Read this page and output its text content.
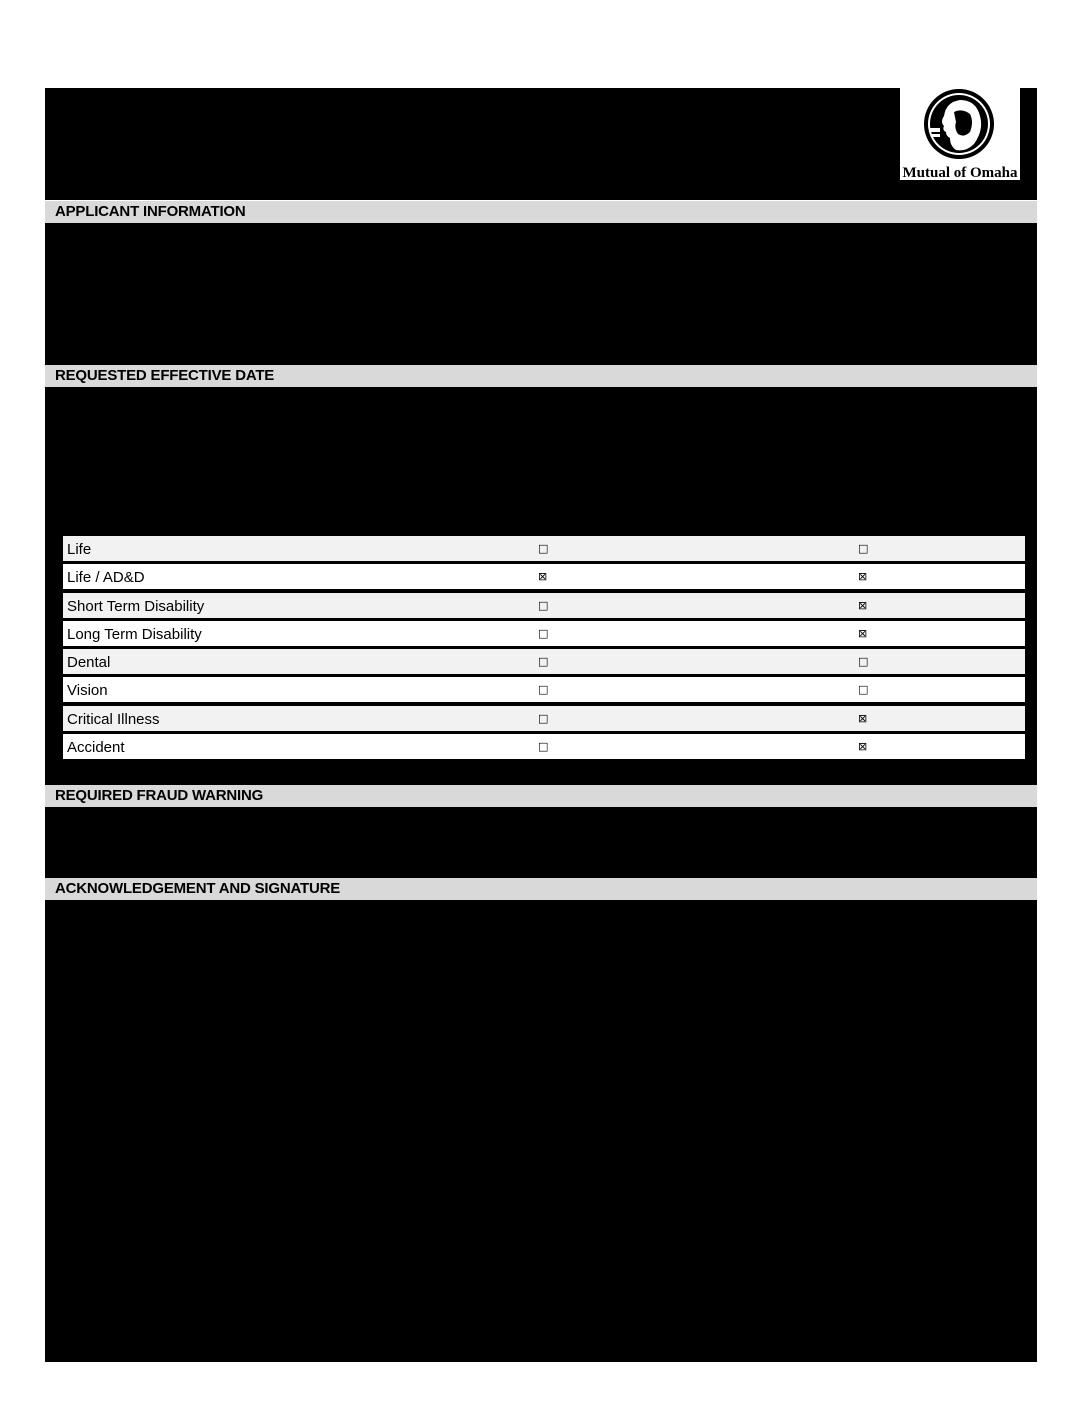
Mutual of Omaha
APPLICANT INFORMATION
REQUESTED EFFECTIVE DATE
Life	□	□
Life / AD&D	⊠	⊠
Short Term Disability	□	⊠
Long Term Disability	□	⊠
Dental	□	□
Vision	□	□
Critical Illness	□	⊠
Accident	□	⊠
REQUIRED FRAUD WARNING
ACKNOWLEDGEMENT AND SIGNATURE
